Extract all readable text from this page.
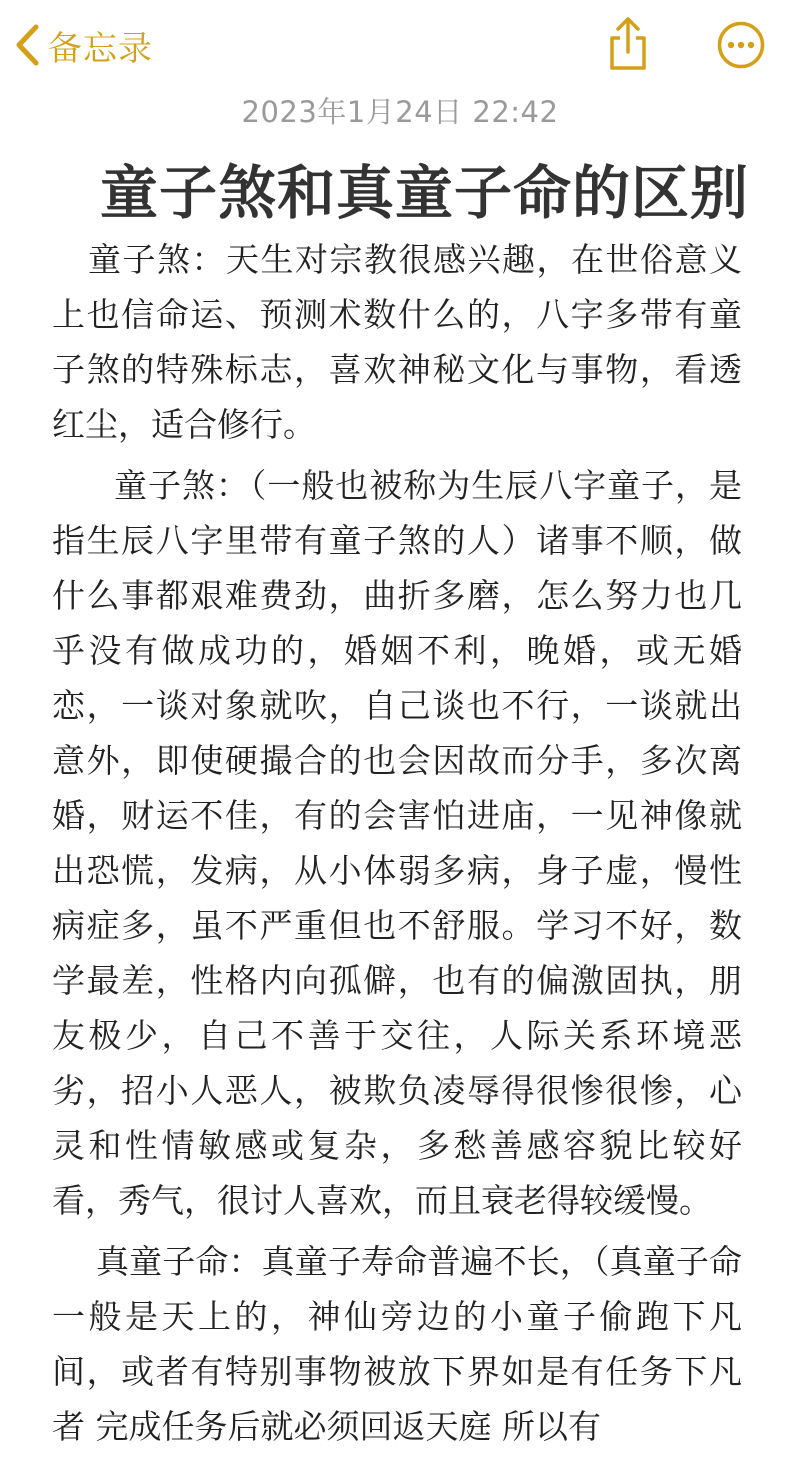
备忘录
2023年1月24日 22:42
童子煞和真童子命的区别

童子煞：天生对宗教很感兴趣，在世俗意义上也信命运、预测术数什么的，八字多带有童子煞的特殊标志，喜欢神秘文化与事物，看透红尘，适合修行。

童子煞：（一般也被称为生辰八字童子，是指生辰八字里带有童子煞的人）诸事不顺，做什么事都艰难费劲，曲折多磨，怎么努力也几乎没有做成功的，婚姻不利，晚婚，或无婚恋，一谈对象就吹，自己谈也不行，一谈就出意外，即使硬撮合的也会因故而分手，多次离婚，财运不佳，有的会害怕进庙，一见神像就出恐慌，发病，从小体弱多病，身子虚，慢性病症多，虽不严重但也不舒服。学习不好，数学最差，性格内向孤僻，也有的偏激固执，朋友极少，自己不善于交往，人际关系环境恶劣，招小人恶人，被欺负凌辱得很惨很惨，心灵和性情敏感或复杂，多愁善感容貌比较好看，秀气，很讨人喜欢，而且衰老得较缓慢。

真童子命：真童子寿命普遍不长，（真童子命一般是天上的，神仙旁边的小童子偷跑下凡间，或者有特别事物被放下界如是有任务下凡者 完成任务后就必须回返天庭 所以有
